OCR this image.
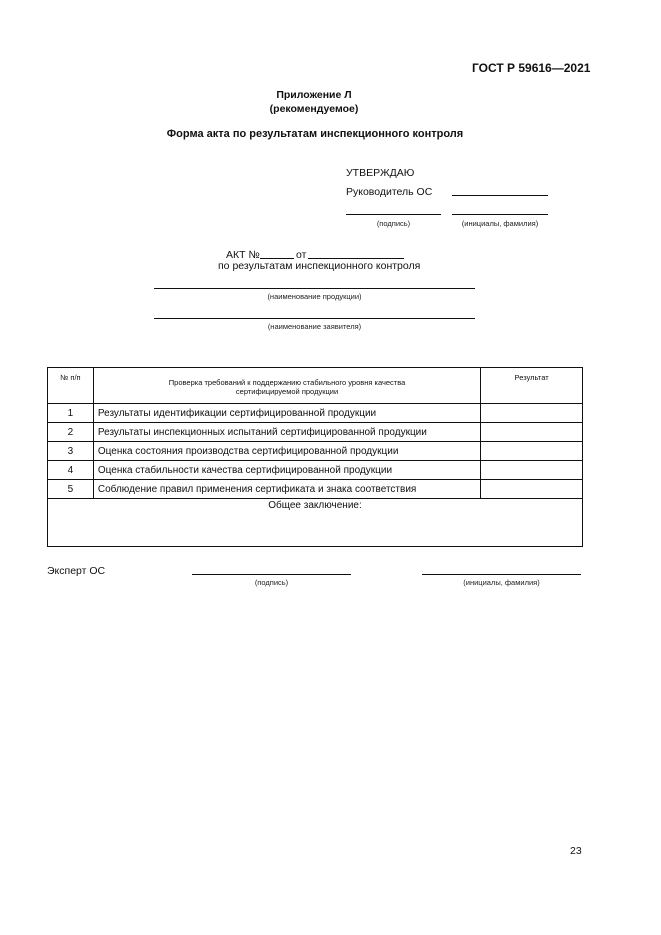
ГОСТ Р 59616—2021
Приложение Л
(рекомендуемое)
Форма акта по результатам инспекционного контроля
УТВЕРЖДАЮ
Руководитель ОС
(подпись)	(инициалы, фамилия)
АКТ №	от
по результатам инспекционного контроля
(наименование продукции)
(наименование заявителя)
№ п/п	Проверка требований к поддержанию стабильного уровня качества сертифицируемой продукции	Результат
1	Результаты идентификации сертифицированной продукции	
2	Результаты инспекционных испытаний сертифицированной продукции	
3	Оценка состояния производства сертифицированной продукции	
4	Оценка стабильности качества сертифицированной продукции	
5	Соблюдение правил применения сертификата и знака соответствия	
Общее заключение:		
Эксперт ОС
(подпись)	(инициалы, фамилия)
23
